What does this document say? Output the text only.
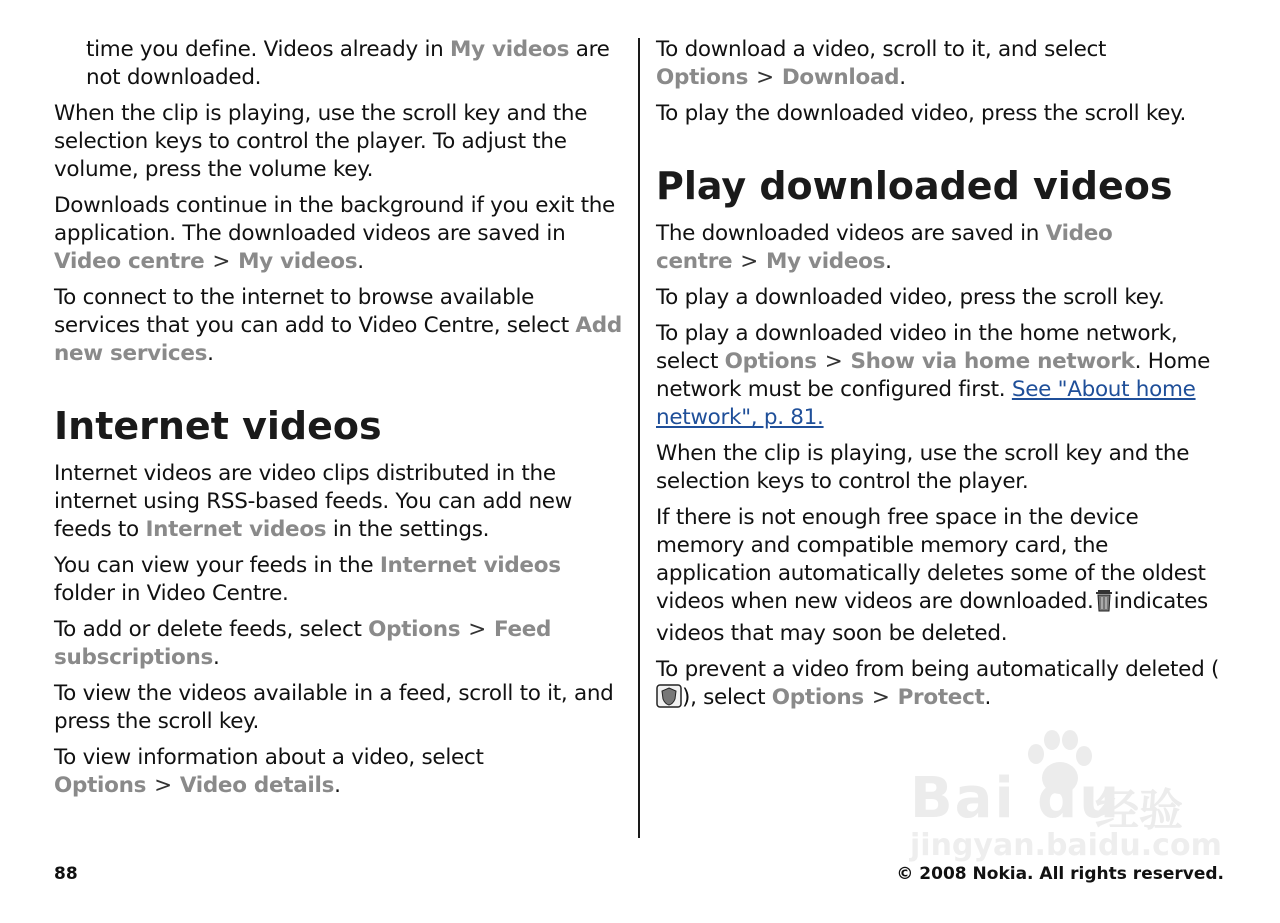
time you define. Videos already in My videos are not downloaded.

When the clip is playing, use the scroll key and the selection keys to control the player. To adjust the volume, press the volume key.

Downloads continue in the background if you exit the application. The downloaded videos are saved in Video centre > My videos.

To connect to the internet to browse available services that you can add to Video Centre, select Add new services.

Internet videos

Internet videos are video clips distributed in the internet using RSS-based feeds. You can add new feeds to Internet videos in the settings.

You can view your feeds in the Internet videos folder in Video Centre.

To add or delete feeds, select Options > Feed subscriptions.

To view the videos available in a feed, scroll to it, and press the scroll key.

To view information about a video, select Options > Video details.

To download a video, scroll to it, and select Options > Download.

To play the downloaded video, press the scroll key.

Play downloaded videos

The downloaded videos are saved in Video centre > My videos.

To play a downloaded video, press the scroll key.

To play a downloaded video in the home network, select Options > Show via home network. Home network must be configured first. See "About home network", p. 81.

When the clip is playing, use the scroll key and the selection keys to control the player.

If there is not enough free space in the device memory and compatible memory card, the application automatically deletes some of the oldest videos when new videos are downloaded. indicates videos that may soon be deleted.

To prevent a video from being automatically deleted (), select Options > Protect.

Bai du
经验
jingyan.baidu.com
88	© 2008 Nokia. All rights reserved.
